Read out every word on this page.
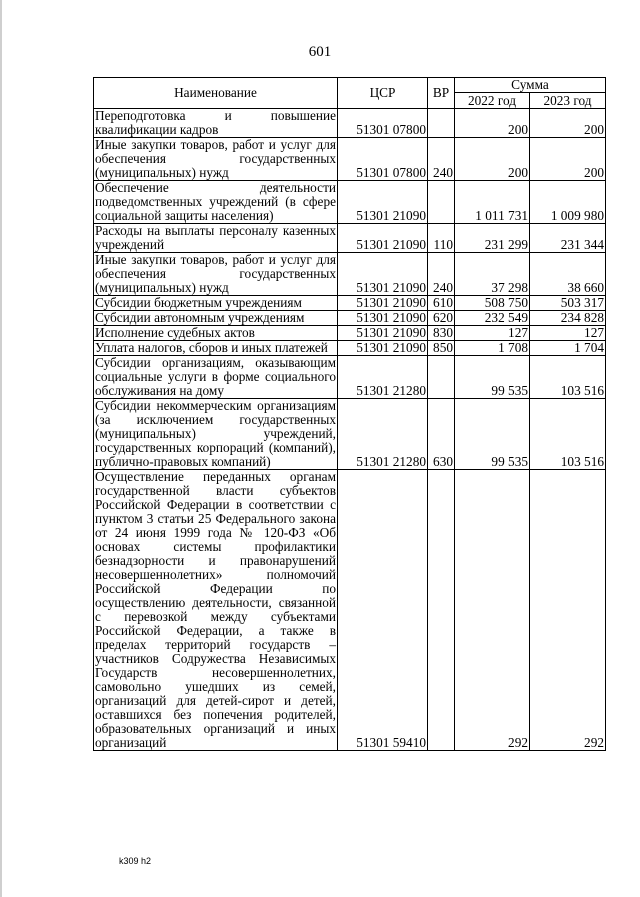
601
Наименование	ЦСР	ВР	Сумма	
			2022 год	2023 год
Переподготовка и повышение квалификации кадров	51301 07800		200	200
Иные закупки товаров, работ и услуг для обеспечения государственных (муниципальных) нужд	51301 07800	240	200	200
Обеспечение деятельности подведомственных учреждений (в сфере социальной защиты населения)	51301 21090		1 011 731	1 009 980
Расходы на выплаты персоналу казенных учреждений	51301 21090	110	231 299	231 344
Иные закупки товаров, работ и услуг для обеспечения государственных (муниципальных) нужд	51301 21090	240	37 298	38 660
Субсидии бюджетным учреждениям	51301 21090	610	508 750	503 317
Субсидии автономным учреждениям	51301 21090	620	232 549	234 828
Исполнение судебных актов	51301 21090	830	127	127
Уплата налогов, сборов и иных платежей	51301 21090	850	1 708	1 704
Субсидии организациям, оказывающим социальные услуги в форме социального обслуживания на дому	51301 21280		99 535	103 516
Субсидии некоммерческим организациям (за исключением государственных (муниципальных) учреждений, государственных корпораций (компаний), публично-правовых компаний)	51301 21280	630	99 535	103 516
Осуществление переданных органам государственной власти субъектов Российской Федерации в соответствии с пунктом 3 статьи 25 Федерального закона от 24 июня 1999 года № 120-ФЗ «Об основах системы профилактики безнадзорности и правонарушений несовершеннолетних» полномочий Российской Федерации по осуществлению деятельности, связанной с перевозкой между субъектами Российской Федерации, а также в пределах территорий государств – участников Содружества Независимых Государств несовершеннолетних, самовольно ушедших из семей, организаций для детей-сирот и детей, оставшихся без попечения родителей, образовательных организаций и иных организаций	51301 59410		292	292
k309 h2
